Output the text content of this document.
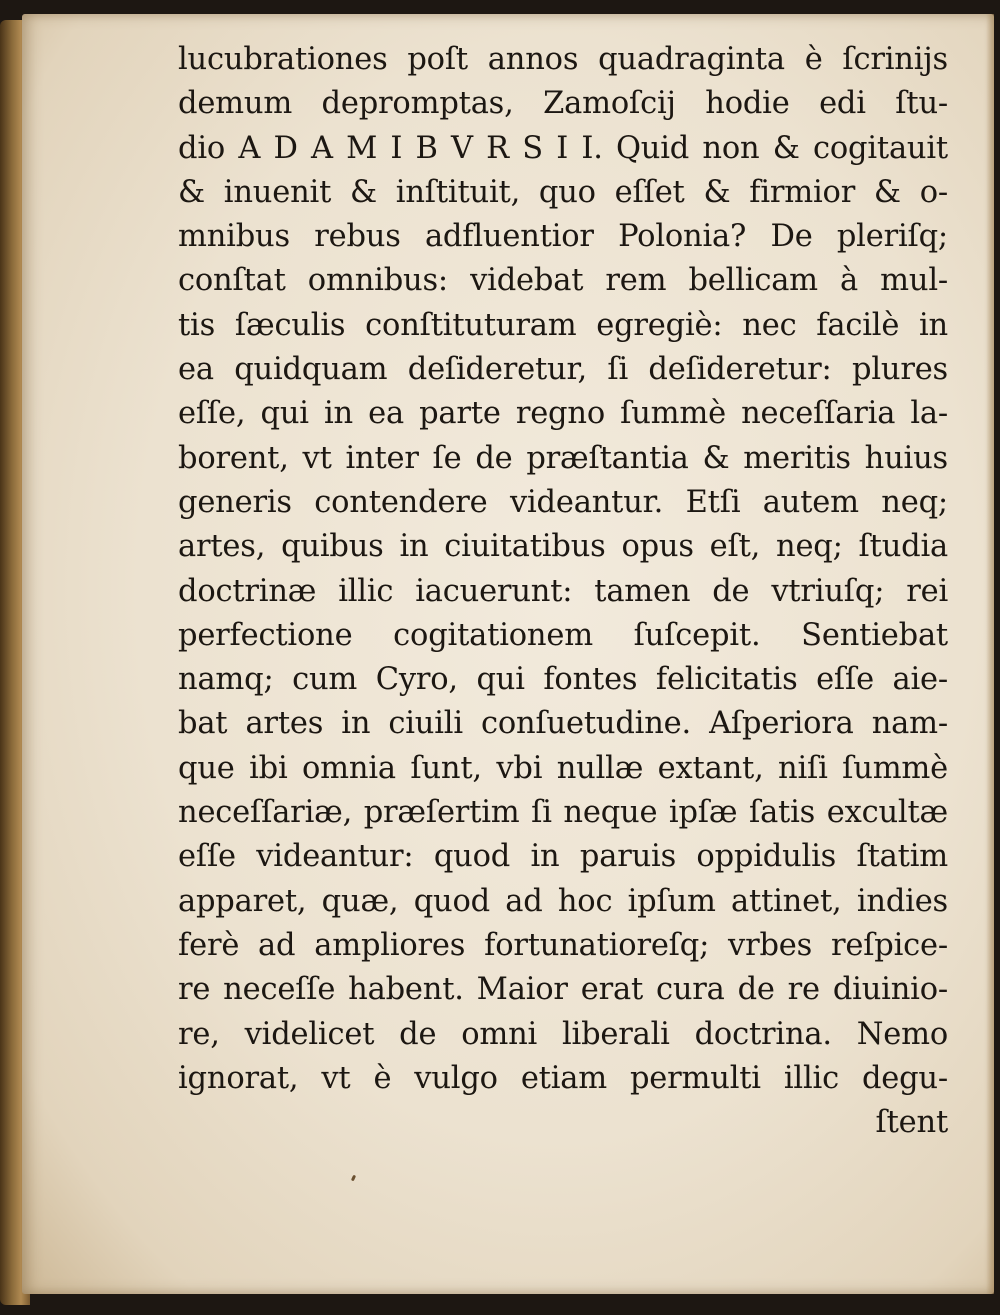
lucubrationes poſt annos quadraginta è ſcrinijs
demum depromptas, Zamoſcij hodie edi ſtu-
dio A D A M I B V R S I I. Quid non & cogitauit
& inuenit & inſtituit, quo eſſet & firmior & o-
mnibus rebus adfluentior Polonia? De pleriſq;
conſtat omnibus: videbat rem bellicam à mul-
tis ſæculis conſtituturam egregiè: nec facilè in
ea quidquam deſideretur, ſi deſideretur: plures
eſſe, qui in ea parte regno ſummè neceſſaria la-
borent, vt inter ſe de præſtantia & meritis huius
generis contendere videantur. Etſi autem neq;
artes, quibus in ciuitatibus opus eſt, neq; ſtudia
doctrinæ illic iacuerunt: tamen de vtriuſq; rei
perfectione cogitationem ſuſcepit. Sentiebat
namq; cum Cyro, qui fontes felicitatis eſſe aie-
bat artes in ciuili conſuetudine. Aſperiora nam-
que ibi omnia ſunt, vbi nullæ extant, niſi ſummè
neceſſariæ, præſertim ſi neque ipſæ ſatis excultæ
eſſe videantur: quod in paruis oppidulis ſtatim
apparet, quæ, quod ad hoc ipſum attinet, indies
ferè ad ampliores fortunatioreſq; vrbes reſpice-
re neceſſe habent. Maior erat cura de re diuinio-
re, videlicet de omni liberali doctrina. Nemo
ignorat, vt è vulgo etiam permulti illic degu-
ſtent
